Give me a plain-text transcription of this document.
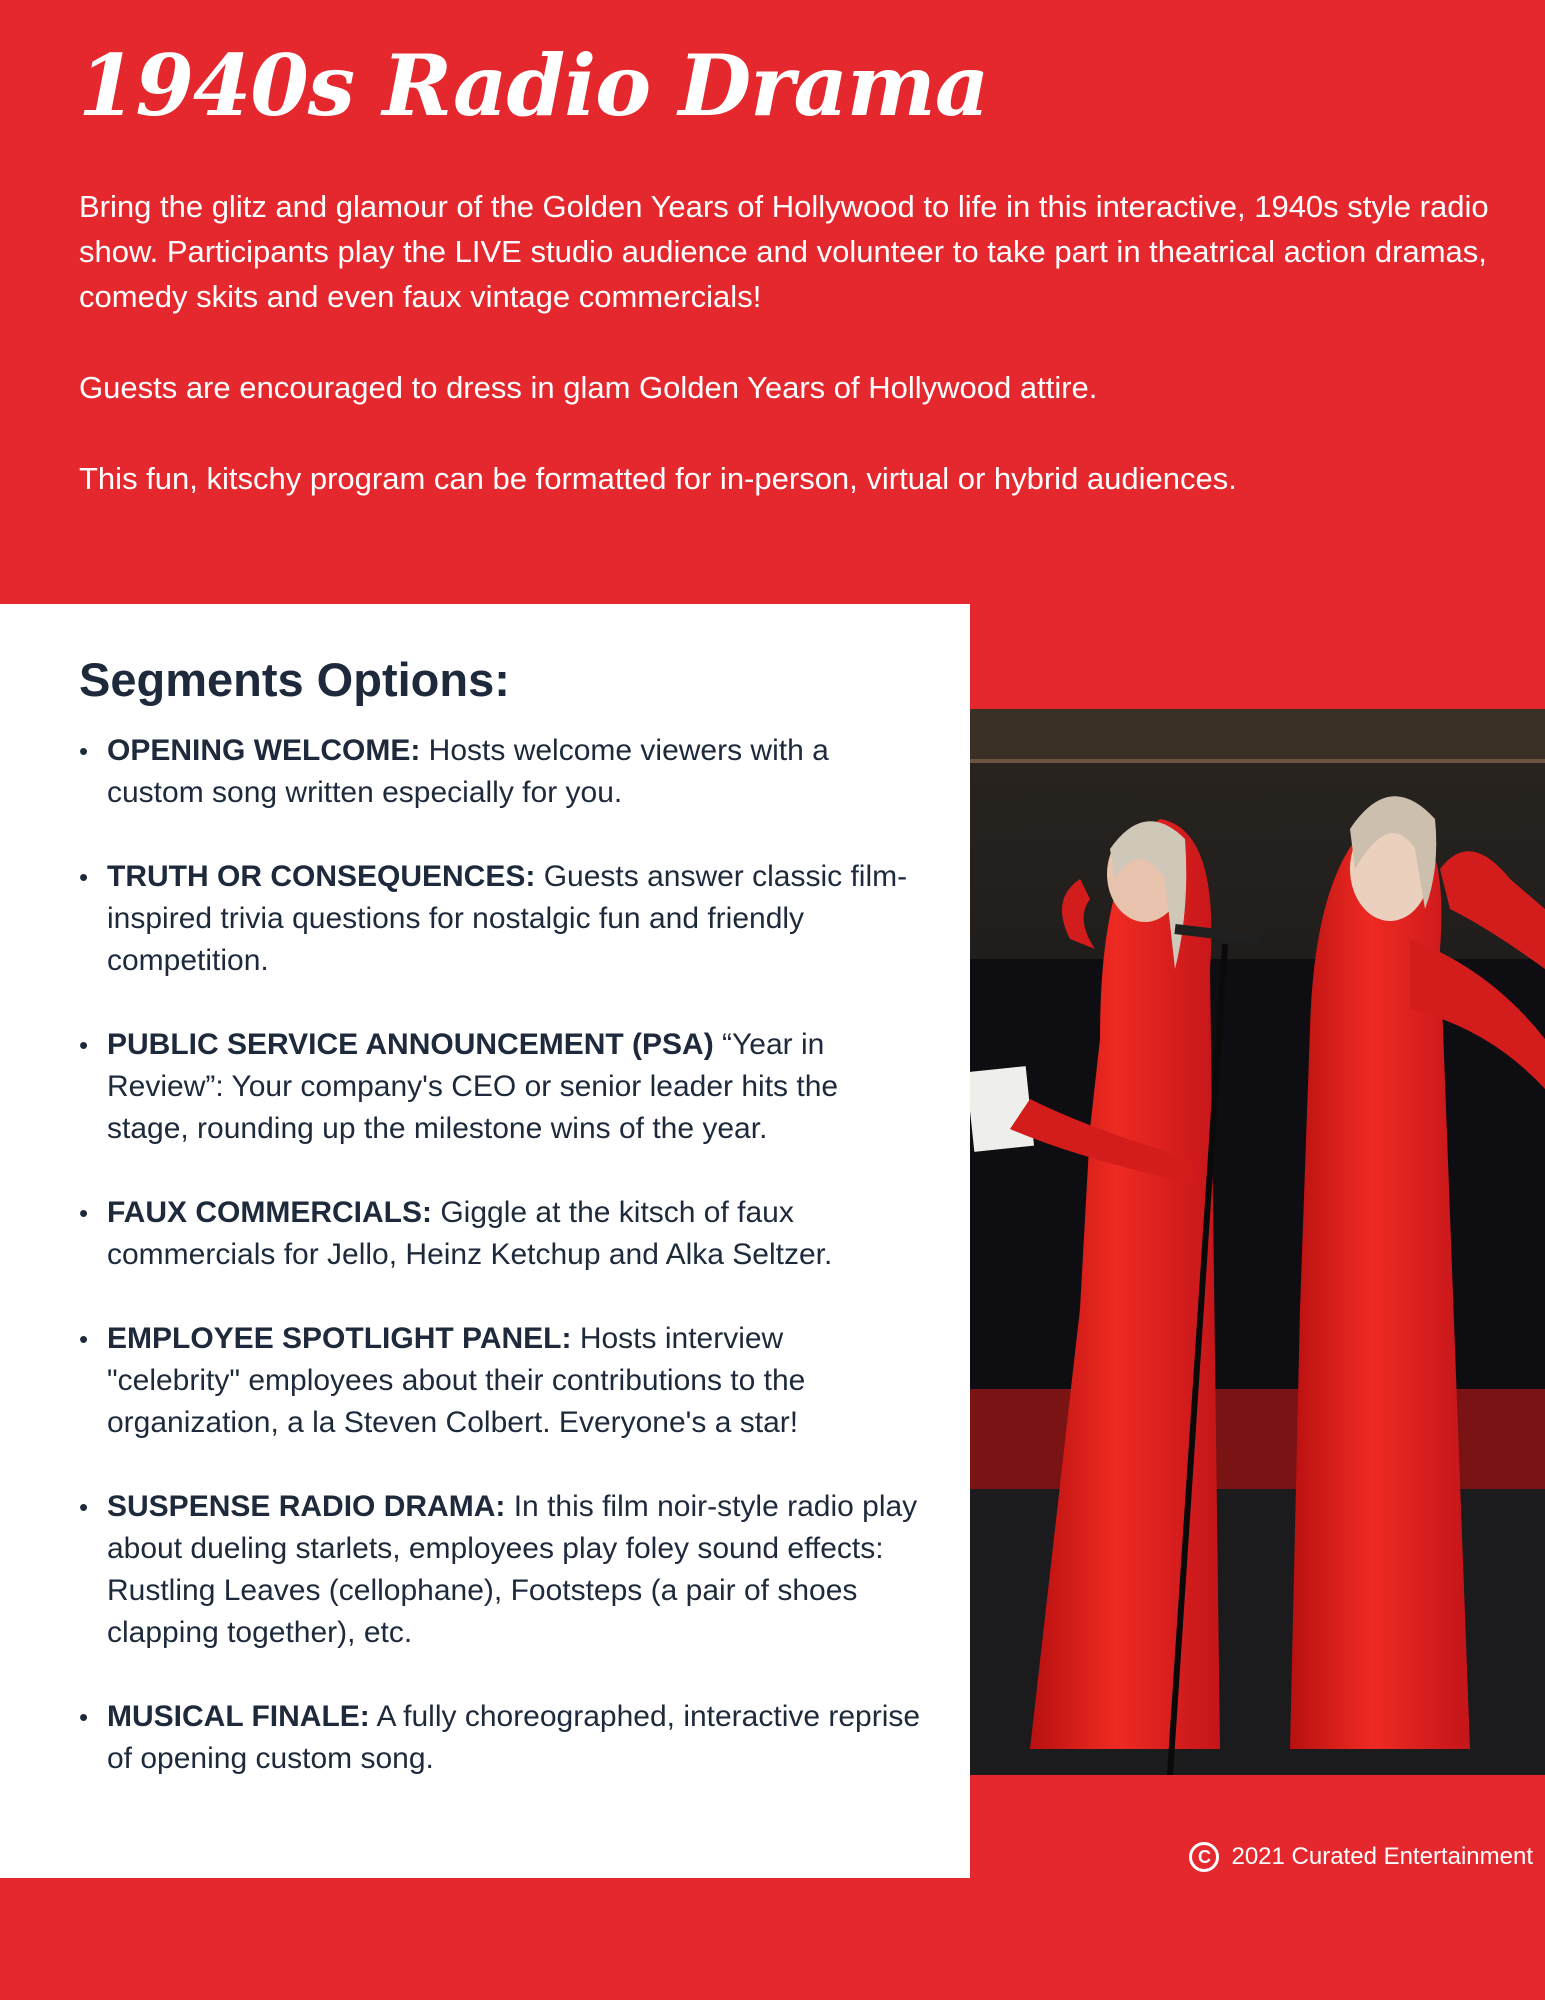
1940s Radio Drama

Bring the glitz and glamour of the Golden Years of Hollywood to life in this interactive, 1940s style radio show. Participants play the LIVE studio audience and volunteer to take part in theatrical action dramas, comedy skits and even faux vintage commercials!

Guests are encouraged to dress in glam Golden Years of Hollywood attire.

This fun, kitschy program can be formatted for in-person, virtual or hybrid audiences.

Segments Options:
• OPENING WELCOME: Hosts welcome viewers with a custom song written especially for you.
• TRUTH OR CONSEQUENCES: Guests answer classic film-inspired trivia questions for nostalgic fun and friendly competition.
• PUBLIC SERVICE ANNOUNCEMENT (PSA) “Year in Review”: Your company's CEO or senior leader hits the stage, rounding up the milestone wins of the year.
• FAUX COMMERCIALS: Giggle at the kitsch of faux commercials for Jello, Heinz Ketchup and Alka Seltzer.
• EMPLOYEE SPOTLIGHT PANEL: Hosts interview "celebrity" employees about their contributions to the organization, a la Steven Colbert. Everyone's a star!
• SUSPENSE RADIO DRAMA: In this film noir-style radio play about dueling starlets, employees play foley sound effects: Rustling Leaves (cellophane), Footsteps (a pair of shoes clapping together), etc.
• MUSICAL FINALE: A fully choreographed, interactive reprise of opening custom song.
C 2021 Curated Entertainment
